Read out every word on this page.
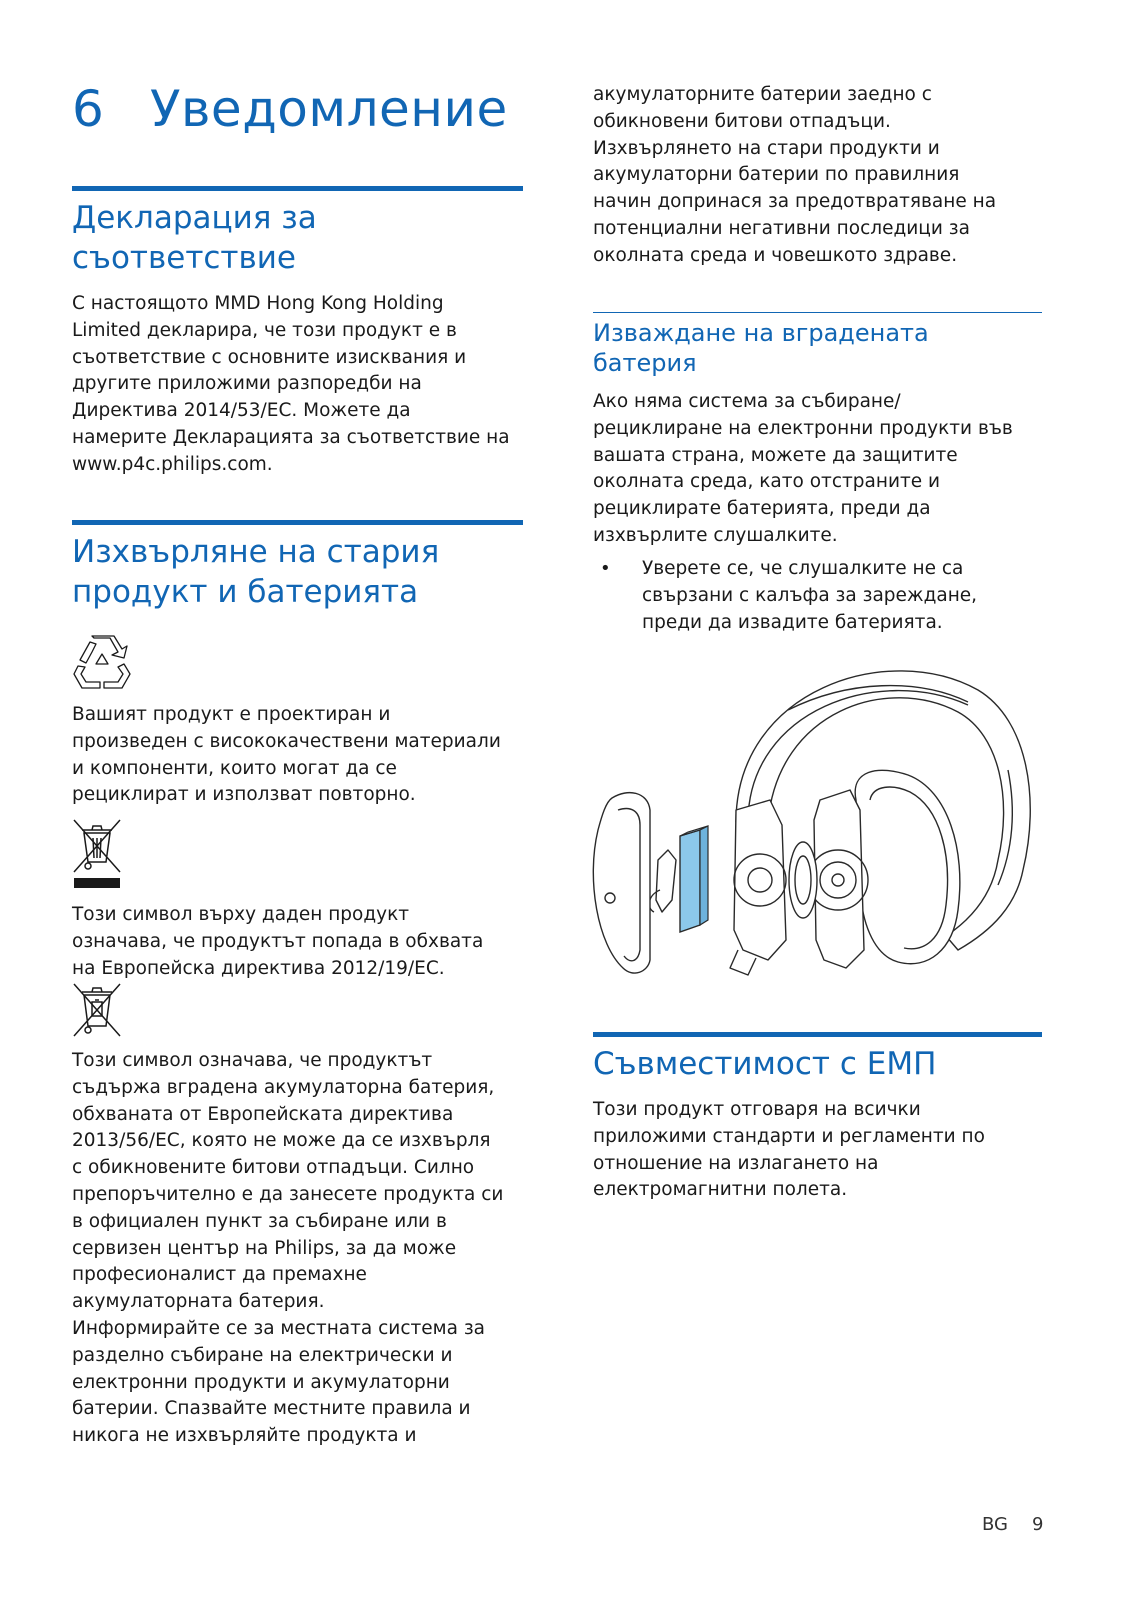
6 Уведомление
Декларация за
съответствие
С настоящото MMD Hong Kong Holding
Limited декларира, че този продукт е в
съответствие с основните изисквания и
другите приложими разпоредби на
Директива 2014/53/ЕС. Можете да
намерите Декларацията за съответствие на
www.p4c.philips.com.
Изхвърляне на стария
продукт и батерията
Вашият продукт е проектиран и
произведен с висококачествени материали
и компоненти, които могат да се
рециклират и използват повторно.
Този символ върху даден продукт
означава, че продуктът попада в обхвата
на Европейска директива 2012/19/ЕС.
Този символ означава, че продуктът
съдържа вградена акумулаторна батерия,
обхваната от Европейската директива
2013/56/ЕС, която не може да се изхвърля
с обикновените битови отпадъци. Силно
препоръчително е да занесете продукта си
в официален пункт за събиране или в
сервизен център на Philips, за да може
професионалист да премахне
акумулаторната батерия.
Информирайте се за местната система за
разделно събиране на електрически и
електронни продукти и акумулаторни
батерии. Спазвайте местните правила и
никога не изхвърляйте продукта и
акумулаторните батерии заедно с
обикновени битови отпадъци.
Изхвърлянето на стари продукти и
акумулаторни батерии по правилния
начин допринася за предотвратяване на
потенциални негативни последици за
околната среда и човешкото здраве.
Изваждане на вградената
батерия
Ако няма система за събиране/
рециклиране на електронни продукти във
вашата страна, можете да защитите
околната среда, като отстраните и
рециклирате батерията, преди да
изхвърлите слушалките.
• Уверете се, че слушалките не са
свързани с калъфа за зареждане,
преди да извадите батерията.
Съвместимост с ЕМП
Този продукт отговаря на всички
приложими стандарти и регламенти по
отношение на излагането на
електромагнитни полета.
BG 9
